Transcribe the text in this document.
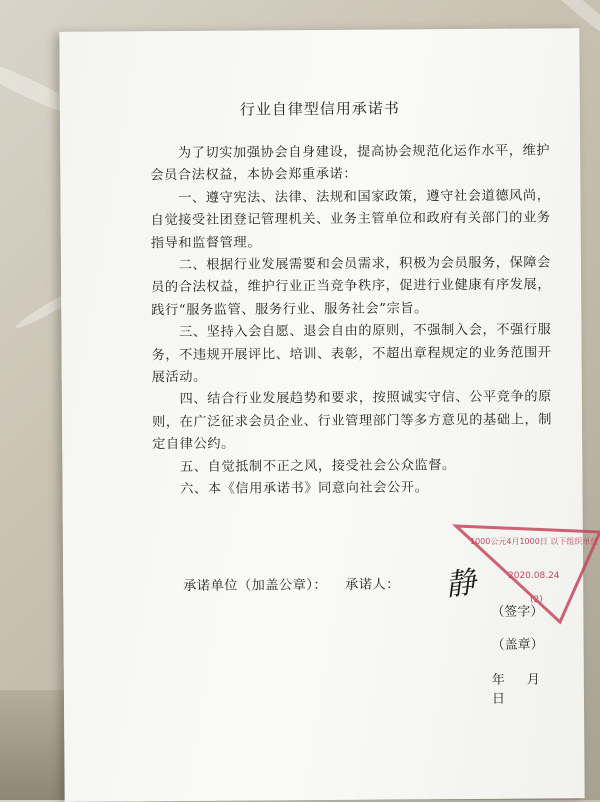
行业自律型信用承诺书

为了切实加强协会自身建设，提高协会规范化运作水平，维护会员合法权益，本协会郑重承诺：

一、遵守宪法、法律、法规和国家政策，遵守社会道德风尚，自觉接受社团登记管理机关、业务主管单位和政府有关部门的业务指导和监督管理。

二、根据行业发展需要和会员需求，积极为会员服务，保障会员的合法权益，维护行业正当竞争秩序，促进行业健康有序发展，践行“服务监管、服务行业、服务社会”宗旨。

三、坚持入会自愿、退会自由的原则，不强制入会，不强行服务，不违规开展评比、培训、表彰，不超出章程规定的业务范围开展活动。

四、结合行业发展趋势和要求，按照诚实守信、公平竞争的原则，在广泛征求会员企业、行业管理部门等多方意见的基础上，制定自律公约。

五、自觉抵制不正之风，接受社会公众监督。

六、本《信用承诺书》同意向社会公开。

承诺单位（加盖公章）： 承诺人：	静
（签字）
（盖章）
年 月日
1000公元4月1000日 以下组织单位
2020.08.24
(2)
